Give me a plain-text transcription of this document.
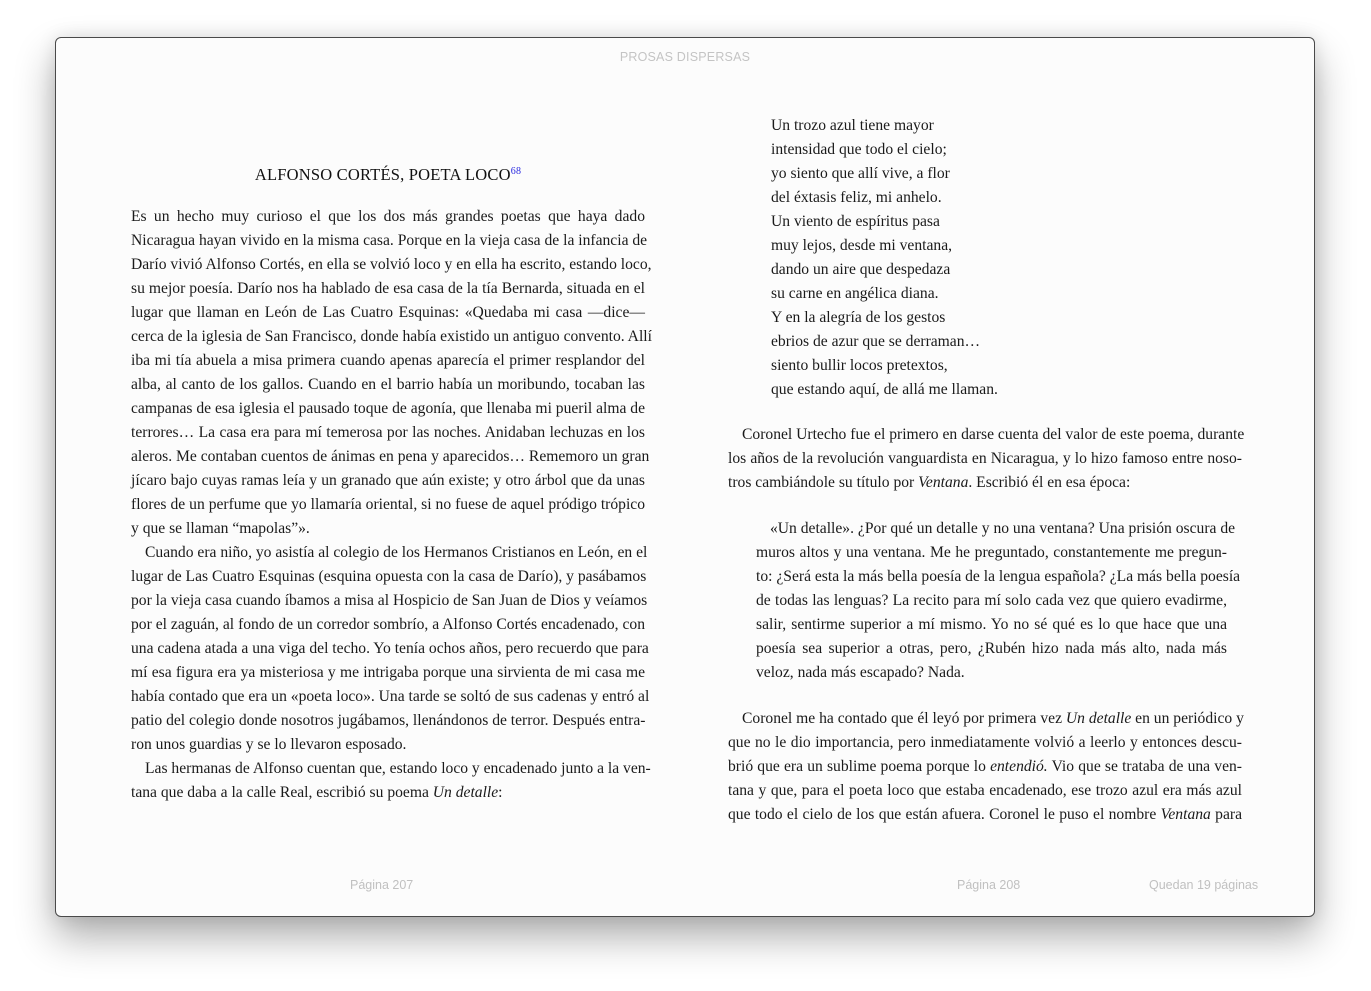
PROSAS DISPERSAS
ALFONSO CORTÉS, POETA LOCO$^{68}$
Es un hecho muy curioso el que los dos más grandes poetas que haya dado
Nicaragua hayan vivido en la misma casa. Porque en la vieja casa de la infancia de
Darío vivió Alfonso Cortés, en ella se volvió loco y en ella ha escrito, estando loco,
su mejor poesía. Darío nos ha hablado de esa casa de la tía Bernarda, situada en el
lugar que llaman en León de Las Cuatro Esquinas: «Quedaba mi casa —dice—
cerca de la iglesia de San Francisco, donde había existido un antiguo convento. Allí
iba mi tía abuela a misa primera cuando apenas aparecía el primer resplandor del
alba, al canto de los gallos. Cuando en el barrio había un moribundo, tocaban las
campanas de esa iglesia el pausado toque de agonía, que llenaba mi pueril alma de
terrores… La casa era para mí temerosa por las noches. Anidaban lechuzas en los
aleros. Me contaban cuentos de ánimas en pena y aparecidos… Rememoro un gran
jícaro bajo cuyas ramas leía y un granado que aún existe; y otro árbol que da unas
flores de un perfume que yo llamaría oriental, si no fuese de aquel pródigo trópico
y que se llaman “mapolas”».
Cuando era niño, yo asistía al colegio de los Hermanos Cristianos en León, en el
lugar de Las Cuatro Esquinas (esquina opuesta con la casa de Darío), y pasábamos
por la vieja casa cuando íbamos a misa al Hospicio de San Juan de Dios y veíamos
por el zaguán, al fondo de un corredor sombrío, a Alfonso Cortés encadenado, con
una cadena atada a una viga del techo. Yo tenía ochos años, pero recuerdo que para
mí esa figura era ya misteriosa y me intrigaba porque una sirvienta de mi casa me
había contado que era un «poeta loco». Una tarde se soltó de sus cadenas y entró al
patio del colegio donde nosotros jugábamos, llenándonos de terror. Después entra-
ron unos guardias y se lo llevaron esposado.
Las hermanas de Alfonso cuentan que, estando loco y encadenado junto a la ven-
tana que daba a la calle Real, escribió su poema Un detalle:
Página 207
Un trozo azul tiene mayor
intensidad que todo el cielo;
yo siento que allí vive, a flor
del éxtasis feliz, mi anhelo.
Un viento de espíritus pasa
muy lejos, desde mi ventana,
dando un aire que despedaza
su carne en angélica diana.
Y en la alegría de los gestos
ebrios de azur que se derraman…
siento bullir locos pretextos,
que estando aquí, de allá me llaman.
Coronel Urtecho fue el primero en darse cuenta del valor de este poema, durante
los años de la revolución vanguardista en Nicaragua, y lo hizo famoso entre noso-
tros cambiándole su título por Ventana. Escribió él en esa época:
«Un detalle». ¿Por qué un detalle y no una ventana? Una prisión oscura de
muros altos y una ventana. Me he preguntado, constantemente me pregun-
to: ¿Será esta la más bella poesía de la lengua española? ¿La más bella poesía
de todas las lenguas? La recito para mí solo cada vez que quiero evadirme,
salir, sentirme superior a mí mismo. Yo no sé qué es lo que hace que una
poesía sea superior a otras, pero, ¿Rubén hizo nada más alto, nada más
veloz, nada más escapado? Nada.
Coronel me ha contado que él leyó por primera vez Un detalle en un periódico y
que no le dio importancia, pero inmediatamente volvió a leerlo y entonces descu-
brió que era un sublime poema porque lo entendió. Vio que se trataba de una ven-
tana y que, para el poeta loco que estaba encadenado, ese trozo azul era más azul
que todo el cielo de los que están afuera. Coronel le puso el nombre Ventana para
Página 208	Quedan 19 páginas
